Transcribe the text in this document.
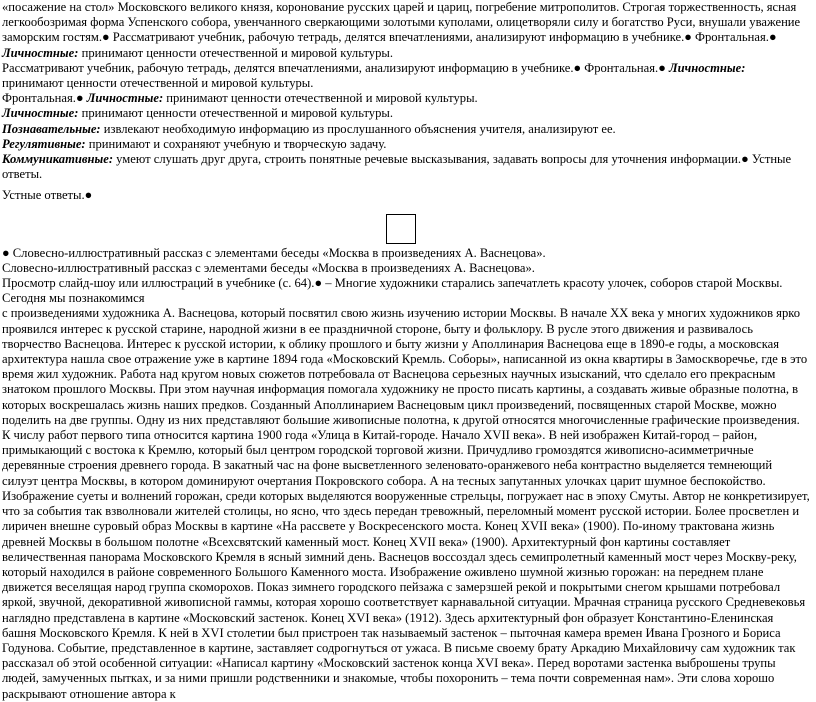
«посажение на стол» Московского великого князя, коронование русских царей и цариц, погребение митрополитов. Строгая торжественность, ясная легкообозримая форма Успенского собора, увенчанного сверкающими золотыми куполами, олицетворяли силу и богатство Руси, внушали уважение заморским гостям.● Рассматривают учебник, рабочую тетрадь, делятся впечатлениями, анализируют информацию в учебнике.● Фронтальная.● Личностные: принимают ценности отечественной и мировой культуры.

Рассматривают учебник, рабочую тетрадь, делятся впечатлениями, анализируют информацию в учебнике.● Фронтальная.● Личностные: принимают ценности отечественной и мировой культуры.

Фронтальная.● Личностные: принимают ценности отечественной и мировой культуры.

Личностные: принимают ценности отечественной и мировой культуры.

Познавательные: извлекают необходимую информацию из прослушанного объяснения учителя, анализируют ее.

Регулятивные: принимают и сохраняют учебную и творческую задачу.

Коммуникативные: умеют слушать друг друга, строить понятные речевые высказывания, задавать вопросы для уточнения информации.● Устные ответы.

Устные ответы.●

● Словесно-иллюстративный рассказ с элементами беседы «Москва в произведениях А. Васнецова».

Словесно-иллюстративный рассказ с элементами беседы «Москва в произведениях А. Васнецова».

Просмотр слайд-шоу или иллюстраций в учебнике (с. 64).● – Многие художники старались запечатлеть красоту улочек, соборов старой Москвы. Сегодня мы познакомимся

с произведениями художника А. Васнецова, который посвятил свою жизнь изучению истории Москвы. В начале XX века у многих художников ярко проявился интерес к русской старине, народной жизни в ее праздничной стороне, быту и фольклору. В русле этого движения и развивалось творчество Васнецова. Интерес к русской истории, к облику прошлого и быту жизни у Аполлинария Васнецова еще в 1890-е годы, а московская архитектура нашла свое отражение уже в картине 1894 года «Московский Кремль. Соборы», написанной из окна квартиры в Замоскворечье, где в это время жил художник. Работа над кругом новых сюжетов потребовала от Васнецова серьезных научных изысканий, что сделало его прекрасным знатоком прошлого Москвы. При этом научная информация помогала художнику не просто писать картины, а создавать живые образные полотна, в которых воскрешалась жизнь наших предков. Созданный Аполлинарием Васнецовым цикл произведений, посвященных старой Москве, можно поделить на две группы. Одну из них представляют большие живописные полотна, к другой относятся многочисленные графические произведения. К числу работ первого типа относится картина 1900 года «Улица в Китай-городе. Начало XVII века». В ней изображен Китай-город – район, примыкающий с востока к Кремлю, который был центром городской торговой жизни. Причудливо громоздятся живописно-асимметричные деревянные строения древнего города. В закатный час на фоне высветленного зеленовато-оранжевого неба контрастно выделяется темнеющий силуэт центра Москвы, в котором доминируют очертания Покровского собора. А на тесных запутанных улочках царит шумное беспокойство. Изображение суеты и волнений горожан, среди которых выделяются вооруженные стрельцы, погружает нас в эпоху Смуты. Автор не конкретизирует, что за события так взволновали жителей столицы, но ясно, что здесь передан тревожный, переломный момент русской истории. Более просветлен и лиричен внешне суровый образ Москвы в картине «На рассвете у Воскресенского моста. Конец XVII века» (1900). По-иному трактована жизнь древней Москвы в большом полотне «Всехсвятский каменный мост. Конец XVII века» (1900). Архитектурный фон картины составляет величественная панорама Московского Кремля в ясный зимний день. Васнецов воссоздал здесь семипролетный каменный мост через Москву-реку, который находился в районе современного Большого Каменного моста. Изображение оживлено шумной жизнью горожан: на переднем плане движется веселящая народ группа скоморохов. Показ зимнего городского пейзажа с замерзшей рекой и покрытыми снегом крышами потребовал яркой, звучной, декоративной живописной гаммы, которая хорошо соответствует карнавальной ситуации. Мрачная страница русского Средневековья наглядно представлена в картине «Московский застенок. Конец XVI века» (1912). Здесь архитектурный фон образует Константино-Еленинская башня Московского Кремля. К ней в XVI столетии был пристроен так называемый застенок – пыточная камера времен Ивана Грозного и Бориса Годунова. Событие, представленное в картине, заставляет содрогнуться от ужаса. В письме своему брату Аркадию Михайловичу сам художник так рассказал об этой особенной ситуации: «Написал картину «Московский застенок конца XVI века». Перед воротами застенка выброшены трупы людей, замученных пытках, и за ними пришли родственники и знакомые, чтобы похоронить – тема почти современная нам». Эти слова хорошо раскрывают отношение автора к
